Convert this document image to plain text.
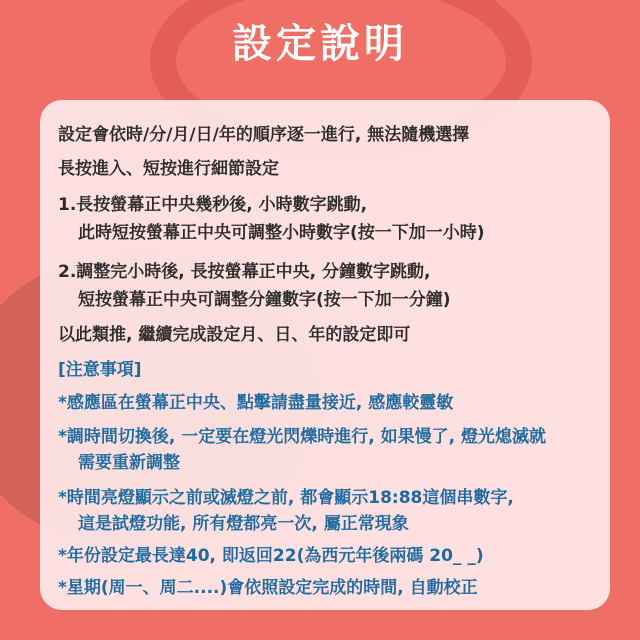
設定說明
設定會依時/分/月/日/年的順序逐一進行, 無法隨機選擇
長按進入、短按進行細節設定
1.長按螢幕正中央幾秒後, 小時數字跳動,
此時短按螢幕正中央可調整小時數字(按一下加一小時)
2.調整完小時後, 長按螢幕正中央, 分鐘數字跳動,
短按螢幕正中央可調整分鐘數字(按一下加一分鐘)
以此類推, 繼續完成設定月、日、年的設定即可
[注意事項]
*感應區在螢幕正中央、點擊請盡量接近, 感應較靈敏
*調時間切換後, 一定要在燈光閃爍時進行, 如果慢了, 燈光熄滅就
需要重新調整
*時間亮燈顯示之前或滅燈之前, 都會顯示18:88這個串數字,
這是試燈功能, 所有燈都亮一次, 屬正常現象
*年份設定最長達40, 即返回22(為西元年後兩碼 20_ _)
*星期(周一、周二....)會依照設定完成的時間, 自動校正
